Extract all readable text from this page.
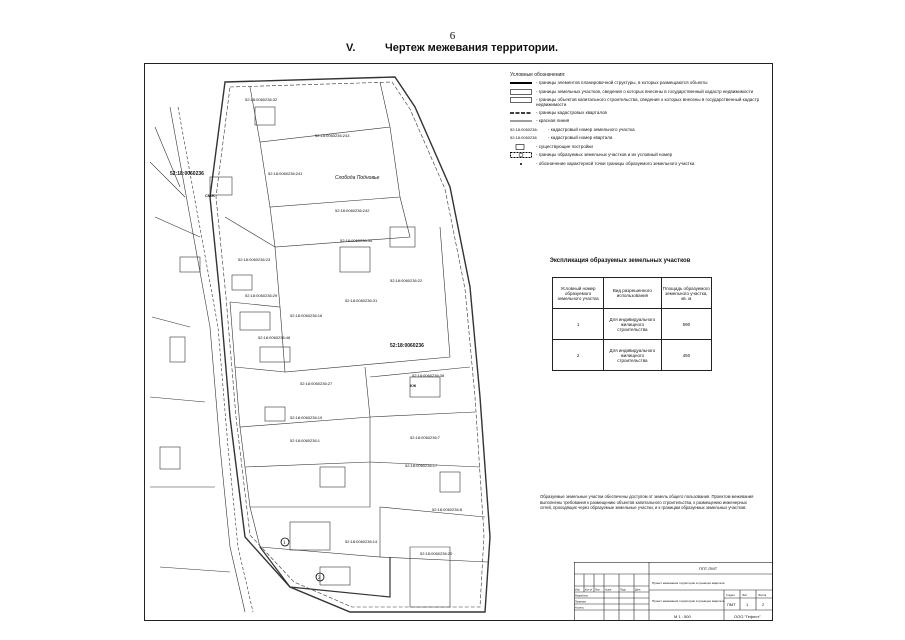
6
V.	Чертеж межевания территории.
1
2
52:18:0060236:32
52:18:0060236:243
52:18:0060236:241
52:18:0060236:242
52:18:0060236:23
52:18:0060236:29
52:18:0060236:34
52:18:0060236:22
52:18:0060236:16
52:18:0060236:31
52:18:0060236:48
52:18:0060236:27
52:18:0060236:19
52:18:0060236:1
52:18:0060236:7
52:18:0060236:17
52:18:0060236:14
52:18:0060236:8
52:18:0060236:38
52:18:0060236:20
52:18:0060236
52:18:0060236
Слобода Подновье
СМЖ
КЖ
Условные обозначения:
- границы элементов планировочной структуры, в которых размещаются объекты
- границы земельных участков, сведения о которых внесены в государственный кадастр недвижимости
- границы объектов капитального строительства, сведения о которых внесены в государственный кадастр недвижимости
- границы кадастровых кварталов
- красная линия
52:18:0060236:	- кадастровый номер земельного участка
52:18:0060236	- кадастровый номер квартала
- существующие постройки
- границы образуемых земельных участков и их условный номер
- обозначение характерной точки границы образуемого земельного участка
Экспликация образуемых земельных участков
Условный номер образуемого земельного участка	Вид разрешенного использования	Площадь образуемого земельного участка, кв. м
1	Для индивидуального жилищного строительства	590
2	Для индивидуального жилищного строительства	450
Образуемые земельные участки обеспечены доступом от земель общего пользования. Проектом межевания выполнены требования к размещению объектов капитального строительства, к размещению инженерных сетей, проходящих через образуемые земельные участки, и к границам образуемых земельных участков.
ППТ-ПМТ
Проект межевания территории в границах квартала
Проект межевания территории в границах квартала
М 1 : 500	ООО "Гефест"
Стадия	Лист	Листов
ПМТ	1	2
Изм. Кол.уч	Лист	№док	Подп.	Дата
Разработал
Проверил
Н.контр.
